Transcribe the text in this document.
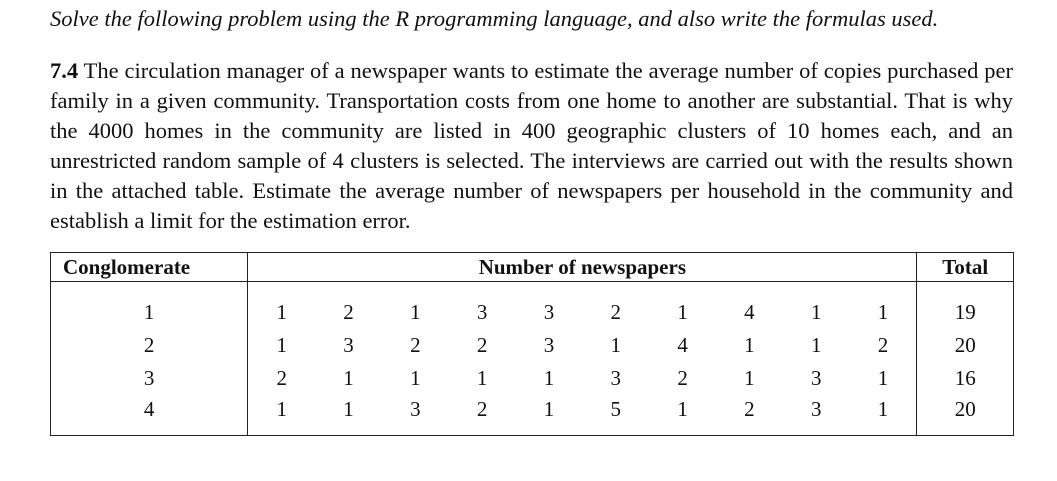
Solve the following problem using the R programming language, and also write the formulas used.

7.4 The circulation manager of a newspaper wants to estimate the average number of copies purchased per family in a given community. Transportation costs from one home to another are substantial. That is why the 4000 homes in the community are listed in 400 geographic clusters of 10 homes each, and an unrestricted random sample of 4 clusters is selected. The interviews are carried out with the results shown in the attached table. Estimate the average number of newspapers per household in the community and establish a limit for the estimation error.

Conglomerate	Number of newspapers										Total

1	1	2	1	3	3	2	1	4	1	1	19
2	1	3	2	2	3	1	4	1	1	2	20
3	2	1	1	1	1	3	2	1	3	1	16
4	1	1	3	2	1	5	1	2	3	1	20
